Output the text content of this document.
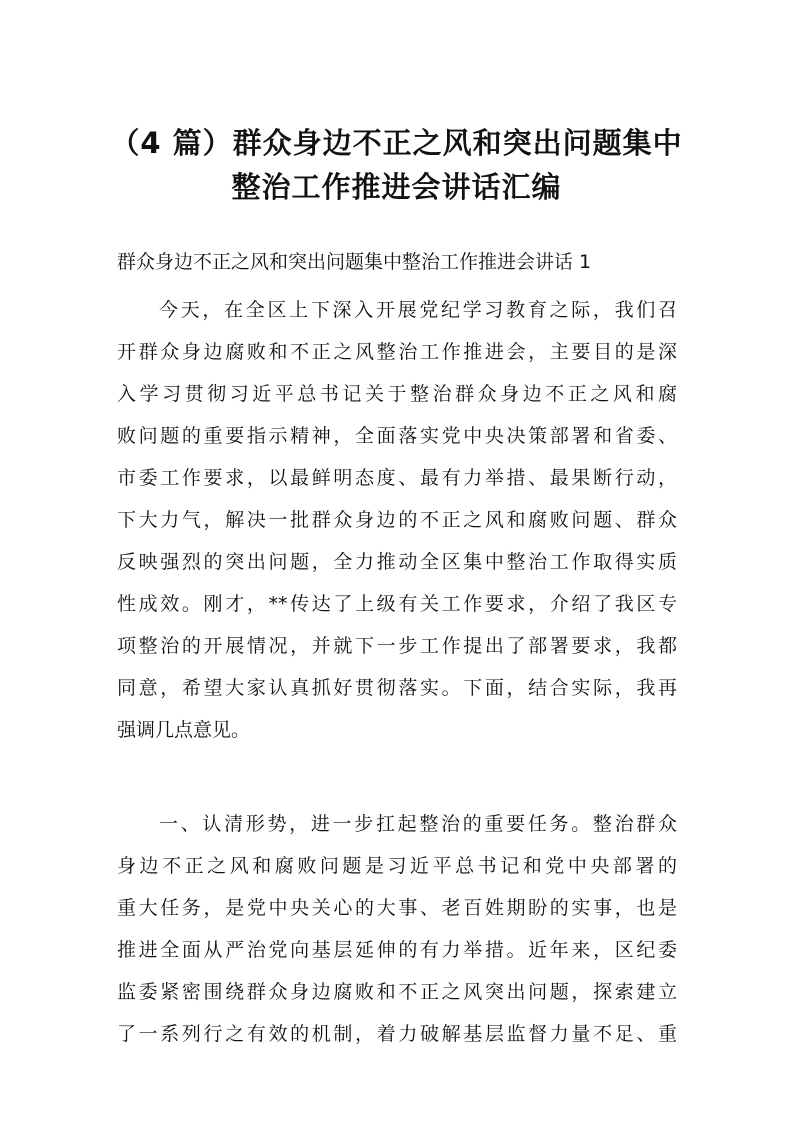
（4 篇）群众身边不正之风和突出问题集中
整治工作推进会讲话汇编
群众身边不正之风和突出问题集中整治工作推进会讲话 1
今天，在全区上下深入开展党纪学习教育之际，我们召
开群众身边腐败和不正之风整治工作推进会，主要目的是深
入学习贯彻习近平总书记关于整治群众身边不正之风和腐
败问题的重要指示精神，全面落实党中央决策部署和省委、
市委工作要求，以最鲜明态度、最有力举措、最果断行动，
下大力气，解决一批群众身边的不正之风和腐败问题、群众
反映强烈的突出问题，全力推动全区集中整治工作取得实质
性成效。刚才，**传达了上级有关工作要求，介绍了我区专
项整治的开展情况，并就下一步工作提出了部署要求，我都
同意，希望大家认真抓好贯彻落实。下面，结合实际，我再
强调几点意见。
一、认清形势，进一步扛起整治的重要任务。整治群众
身边不正之风和腐败问题是习近平总书记和党中央部署的
重大任务，是党中央关心的大事、老百姓期盼的实事，也是
推进全面从严治党向基层延伸的有力举措。近年来，区纪委
监委紧密围绕群众身边腐败和不正之风突出问题，探索建立
了一系列行之有效的机制，着力破解基层监督力量不足、重
